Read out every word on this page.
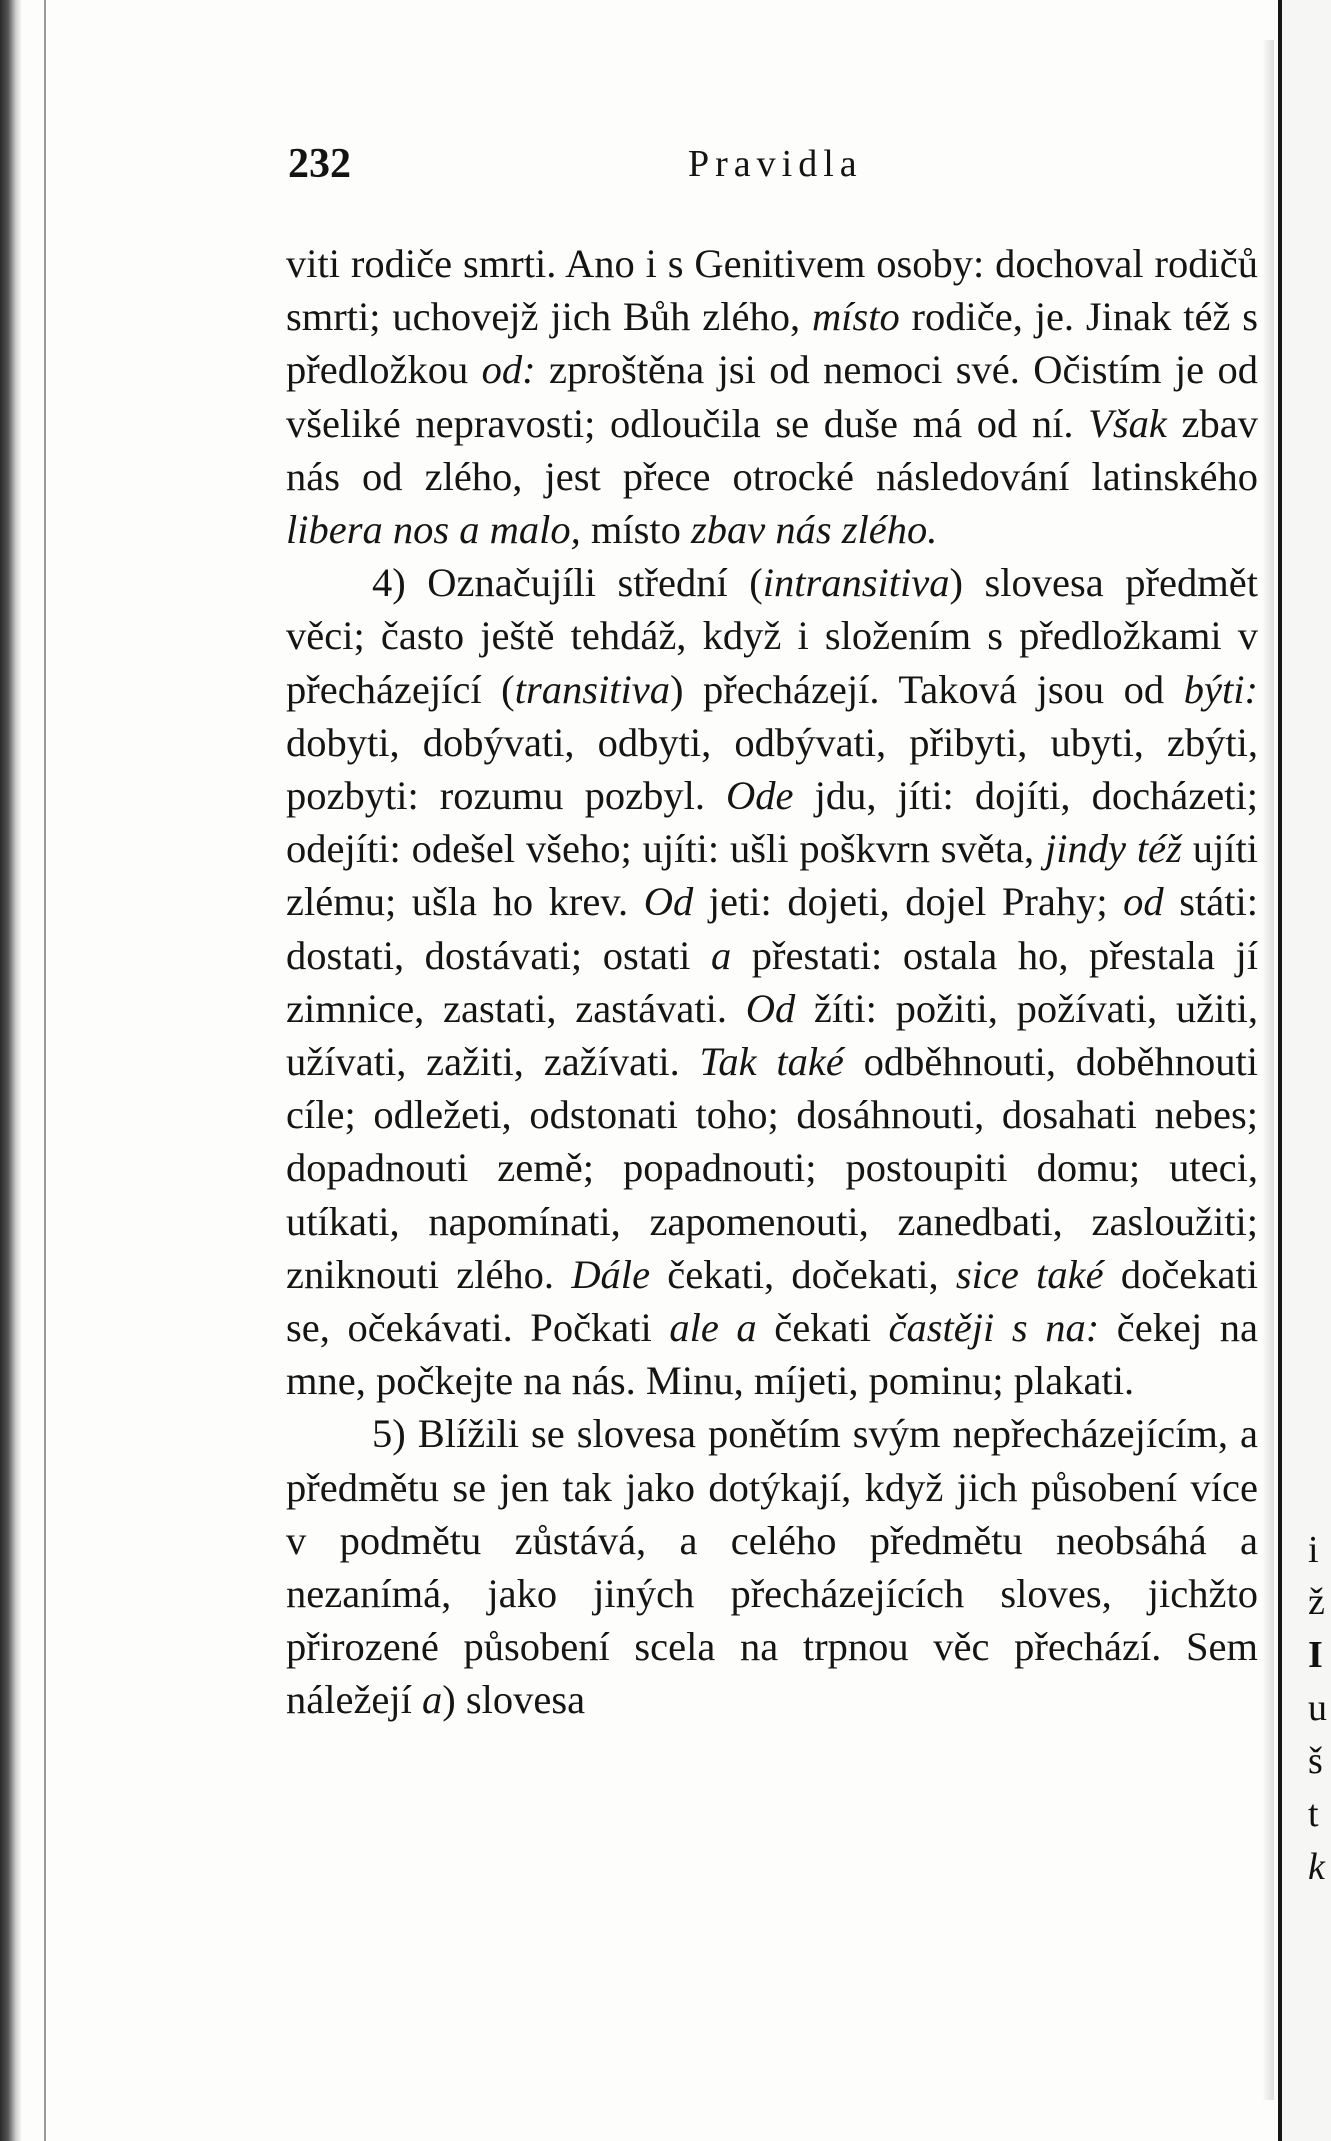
i
ž
I
u
š
t
k
232	Pravidla

viti rodiče smrti. Ano i s Genitivem osoby: dochoval rodičů smrti; uchovejž jich Bůh zlého, místo rodiče, je. Jinak též s předložkou od: zproštěna jsi od nemoci své. Očistím je od všeliké nepravosti; odloučila se duše má od ní. Však zbav nás od zlého, jest přece otrocké následování latinského libera nos a malo, místo zbav nás zlého.

4) Označujíli střední (intransitiva) slovesa předmět věci; často ještě tehdáž, když i složením s předložkami v přecházející (transitiva) přecházejí. Taková jsou od býti: dobyti, dobývati, odbyti, odbývati, přibyti, ubyti, zbýti, pozbyti: rozumu pozbyl. Ode jdu, jíti: dojíti, docházeti; odejíti: odešel všeho; ujíti: ušli poškvrn světa, jindy též ujíti zlému; ušla ho krev. Od jeti: dojeti, dojel Prahy; od státi: dostati, dostávati; ostati a přestati: ostala ho, přestala jí zimnice, zastati, zastávati. Od žíti: požiti, požívati, užiti, užívati, zažiti, zažívati. Tak také odběhnouti, doběhnouti cíle; odležeti, odstonati toho; dosáhnouti, dosahati nebes; dopadnouti země; popadnouti; postoupiti domu; uteci, utíkati, napomínati, zapomenouti, zanedbati, zasloužiti; zniknouti zlého. Dále čekati, dočekati, sice také dočekati se, očekávati. Počkati ale a čekati častěji s na: čekej na mne, počkejte na nás. Minu, míjeti, pominu; plakati.

5) Blížili se slovesa ponětím svým nepřecházejícím, a předmětu se jen tak jako dotýkají, když jich působení více v podmětu zůstává, a celého předmětu neobsáhá a nezanímá, jako jiných přecházejících sloves, jichžto přirozené působení scela na trpnou věc přechází. Sem náležejí a) slovesa
